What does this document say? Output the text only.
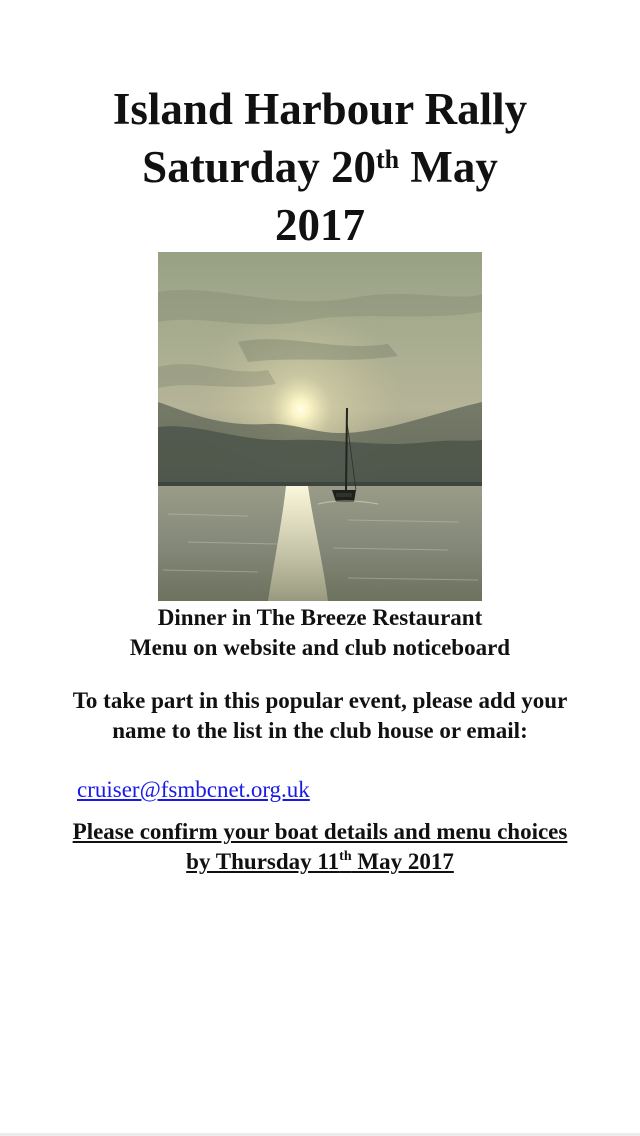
Island Harbour Rally
Saturday 20th May
2017
Dinner in The Breeze Restaurant
Menu on website and club noticeboard
To take part in this popular event, please add your name to the list in the club house or email:
cruiser@fsmbcnet.org.uk
Please confirm your boat details and menu choices by Thursday 11th May 2017
